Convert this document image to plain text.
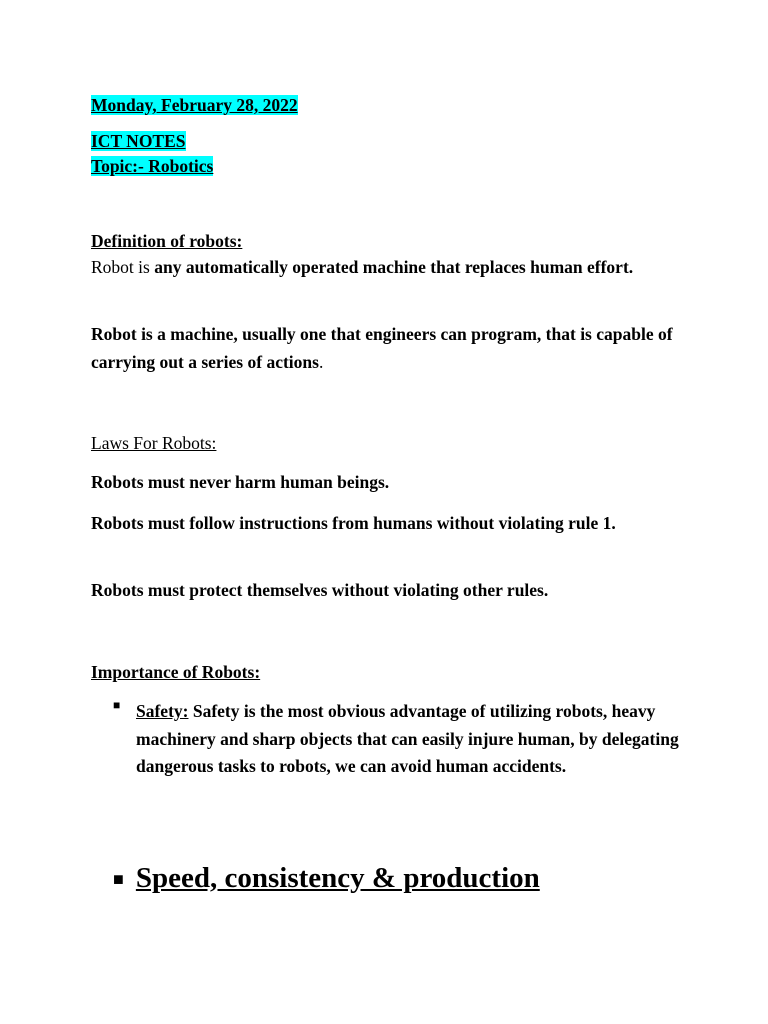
Monday, February 28, 2022
ICT NOTES
Topic:- Robotics
Definition of robots:
Robot is any automatically operated machine that replaces human effort.
Robot is a machine, usually one that engineers can program, that is capable of carrying out a series of actions.
Laws For Robots:
Robots must never harm human beings.
Robots must follow instructions from humans without violating rule 1.
Robots must protect themselves without violating other rules.
Importance of Robots:
■ Safety: Safety is the most obvious advantage of utilizing robots, heavy machinery and sharp objects that can easily injure human, by delegating dangerous tasks to robots, we can avoid human accidents.
■ Speed, consistency & production
